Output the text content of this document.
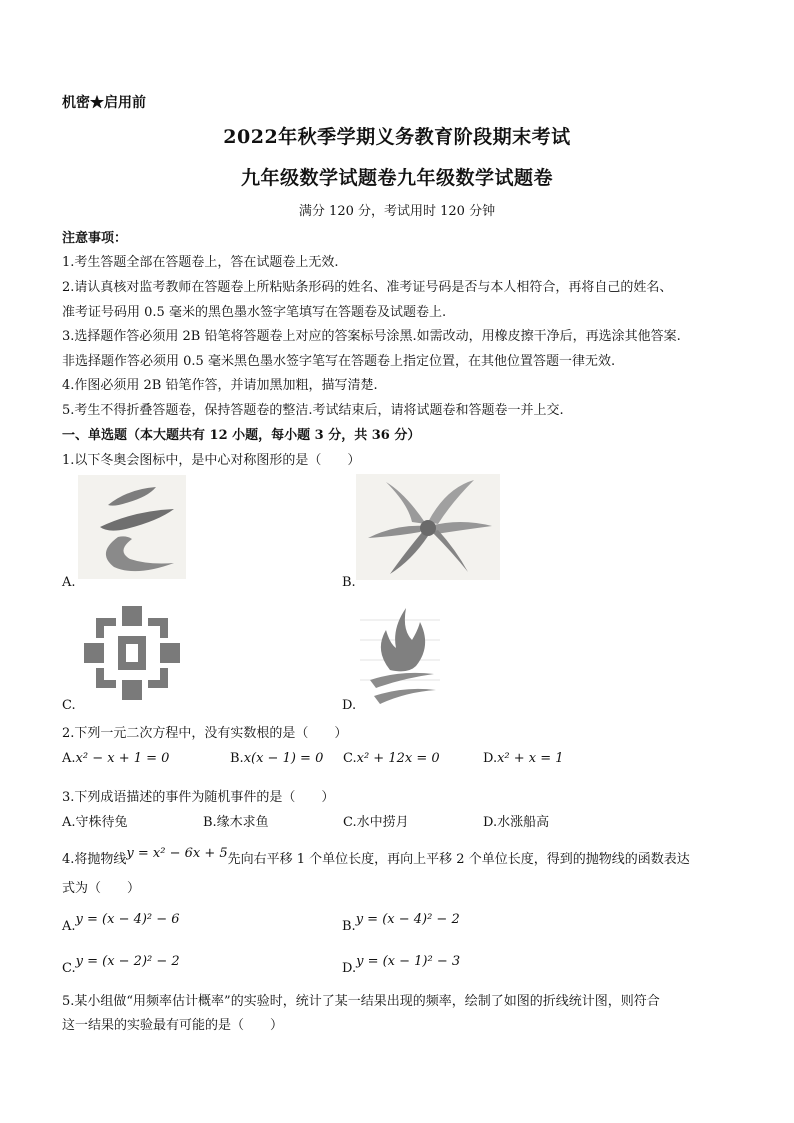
机密★启用前
2022年秋季学期义务教育阶段期末考试
九年级数学试题卷九年级数学试题卷
满分 120 分，考试用时 120 分钟
注意事项：
1.考生答题全部在答题卷上，答在试题卷上无效.
2.请认真核对监考教师在答题卷上所粘贴条形码的姓名、准考证号码是否与本人相符合，再将自己的姓名、
准考证号码用 0.5 毫米的黑色墨水签字笔填写在答题卷及试题卷上.
3.选择题作答必须用 2B 铅笔将答题卷上对应的答案标号涂黑.如需改动，用橡皮擦干净后，再选涂其他答案.
非选择题作答必须用 0.5 毫米黑色墨水签字笔写在答题卷上指定位置，在其他位置答题一律无效.
4.作图必须用 2B 铅笔作答，并请加黑加粗，描写清楚.
5.考生不得折叠答题卷，保持答题卷的整洁.考试结束后，请将试题卷和答题卷一并上交.
一、单选题（本大题共有 12 小题，每小题 3 分，共 36 分）
1.以下冬奥会图标中，是中心对称图形的是（　　）
A.	B.
C.	D.
2.下列一元二次方程中，没有实数根的是（　　）
A.x² − x + 1 = 0	B.x(x − 1) = 0 C.x² + 12x = 0	D.x² + x = 1
3.下列成语描述的事件为随机事件的是（　　）
A.守株待兔	B.缘木求鱼	C.水中捞月	D.水涨船高
4.将抛物线y = x² − 6x + 5先向右平移 1 个单位长度，再向上平移 2 个单位长度，得到的抛物线的函数表达
式为（　　）
A.y = (x − 4)² − 6	B.y = (x − 4)² − 2
C.y = (x − 2)² − 2	D.y = (x − 1)² − 3
5.某小组做“用频率估计概率”的实验时，统计了某一结果出现的频率，绘制了如图的折线统计图，则符合
这一结果的实验最有可能的是（　　）
